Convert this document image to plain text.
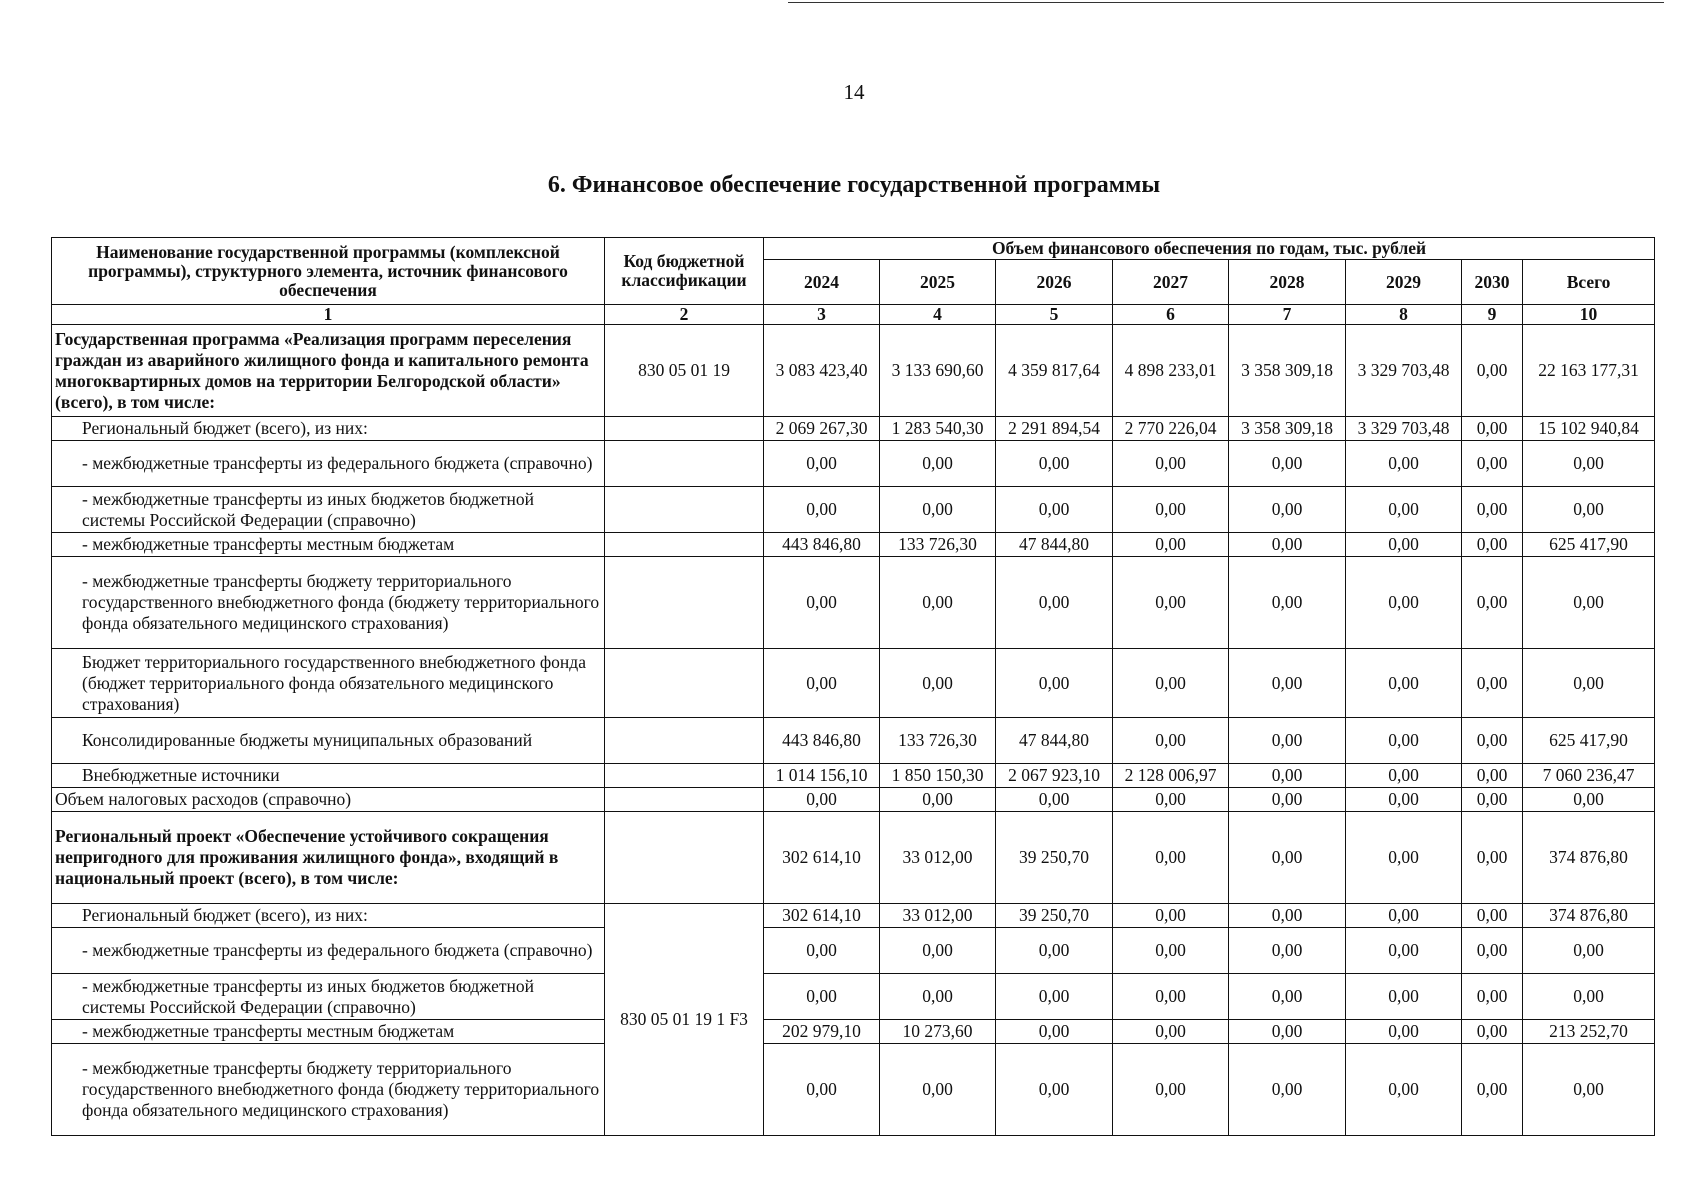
14
6. Финансовое обеспечение государственной программы
Наименование государственной программы (комплексной программы), структурного элемента, источник финансового обеспечения	Код бюджетной классификации	Объем финансового обеспечения по годам, тыс. рублей							
		2024	2025	2026	2027	2028	2029	2030	Всего
1	2	3	4	5	6	7	8	9	10
Государственная программа «Реализация программ переселения граждан из аварийного жилищного фонда и капитального ремонта многоквартирных домов на территории Белгородской области» (всего), в том числе:	830 05 01 19	3 083 423,40	3 133 690,60	4 359 817,64	4 898 233,01	3 358 309,18	3 329 703,48	0,00	22 163 177,31
Региональный бюджет (всего), из них:		2 069 267,30	1 283 540,30	2 291 894,54	2 770 226,04	3 358 309,18	3 329 703,48	0,00	15 102 940,84
- межбюджетные трансферты из федерального бюджета (справочно)		0,00	0,00	0,00	0,00	0,00	0,00	0,00	0,00
- межбюджетные трансферты из иных бюджетов бюджетной системы Российской Федерации (справочно)		0,00	0,00	0,00	0,00	0,00	0,00	0,00	0,00
- межбюджетные трансферты местным бюджетам		443 846,80	133 726,30	47 844,80	0,00	0,00	0,00	0,00	625 417,90
- межбюджетные трансферты бюджету территориального государственного внебюджетного фонда (бюджету территориального фонда обязательного медицинского страхования)		0,00	0,00	0,00	0,00	0,00	0,00	0,00	0,00
Бюджет территориального государственного внебюджетного фонда (бюджет территориального фонда обязательного медицинского страхования)		0,00	0,00	0,00	0,00	0,00	0,00	0,00	0,00
Консолидированные бюджеты муниципальных образований		443 846,80	133 726,30	47 844,80	0,00	0,00	0,00	0,00	625 417,90
Внебюджетные источники		1 014 156,10	1 850 150,30	2 067 923,10	2 128 006,97	0,00	0,00	0,00	7 060 236,47
Объем налоговых расходов (справочно)		0,00	0,00	0,00	0,00	0,00	0,00	0,00	0,00
Региональный проект «Обеспечение устойчивого сокращения непригодного для проживания жилищного фонда», входящий в национальный проект (всего), в том числе:		302 614,10	33 012,00	39 250,70	0,00	0,00	0,00	0,00	374 876,80
Региональный бюджет (всего), из них:	830 05 01 19 1 F3	302 614,10	33 012,00	39 250,70	0,00	0,00	0,00	0,00	374 876,80
- межбюджетные трансферты из федерального бюджета (справочно)		0,00	0,00	0,00	0,00	0,00	0,00	0,00	0,00
- межбюджетные трансферты из иных бюджетов бюджетной системы Российской Федерации (справочно)		0,00	0,00	0,00	0,00	0,00	0,00	0,00	0,00
- межбюджетные трансферты местным бюджетам		202 979,10	10 273,60	0,00	0,00	0,00	0,00	0,00	213 252,70
- межбюджетные трансферты бюджету территориального государственного внебюджетного фонда (бюджету территориального фонда обязательного медицинского страхования)		0,00	0,00	0,00	0,00	0,00	0,00	0,00	0,00
